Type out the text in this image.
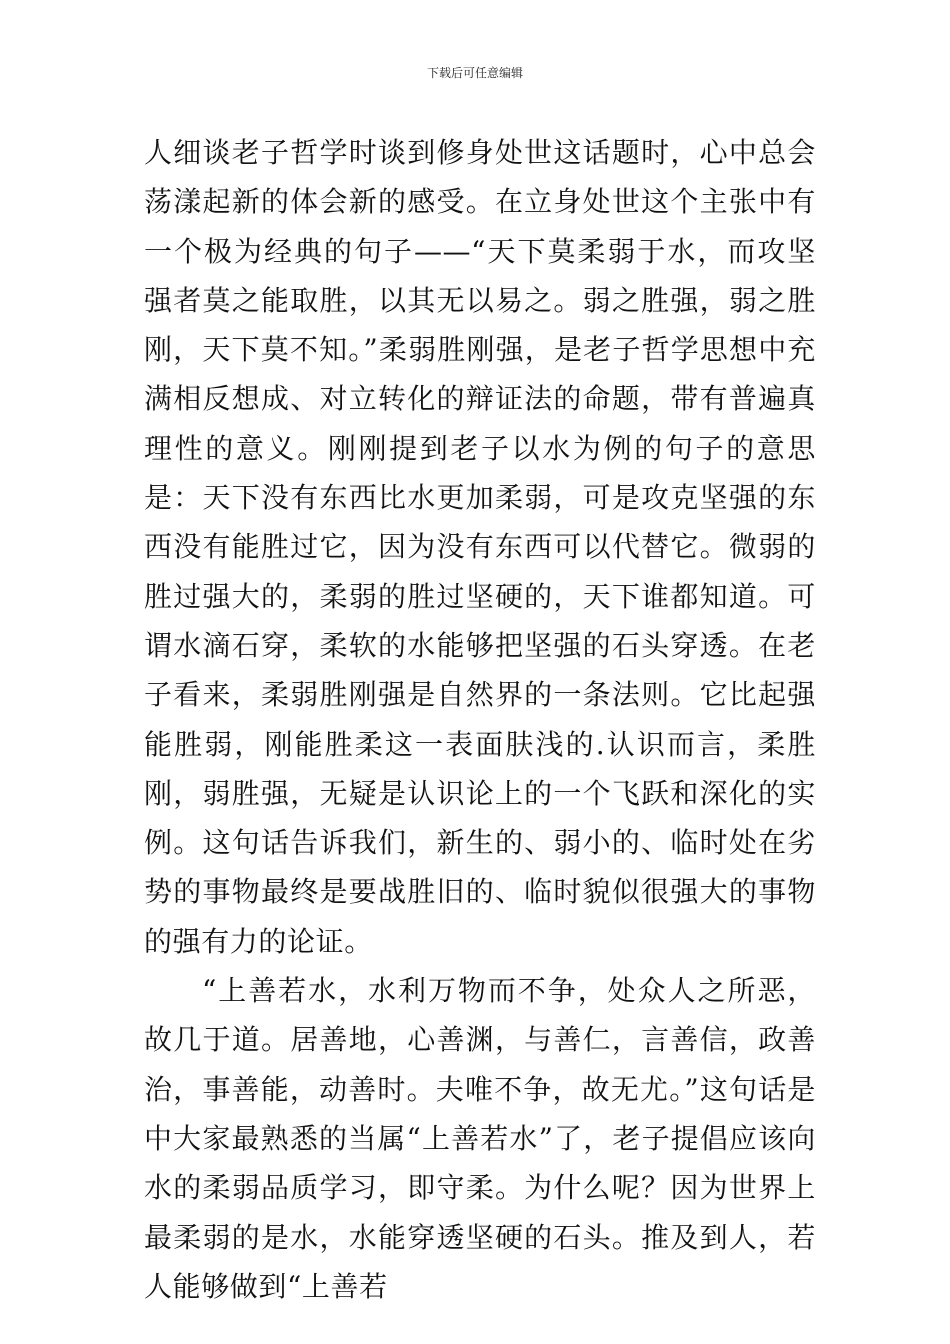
下载后可任意编辑

人细谈老子哲学时谈到修身处世这话题时，心中总会荡漾起新的体会新的感受。在立身处世这个主张中有一个极为经典的句子——“天下莫柔弱于水，而攻坚强者莫之能取胜，以其无以易之。弱之胜强，弱之胜刚，天下莫不知。”柔弱胜刚强，是老子哲学思想中充满相反想成、对立转化的辩证法的命题，带有普遍真理性的意义。刚刚提到老子以水为例的句子的意思是：天下没有东西比水更加柔弱，可是攻克坚强的东西没有能胜过它，因为没有东西可以代替它。微弱的胜过强大的，柔弱的胜过坚硬的，天下谁都知道。可谓水滴石穿，柔软的水能够把坚强的石头穿透。在老子看来，柔弱胜刚强是自然界的一条法则。它比起强能胜弱，刚能胜柔这一表面肤浅的.认识而言，柔胜刚，弱胜强，无疑是认识论上的一个飞跃和深化的实例。这句话告诉我们，新生的、弱小的、临时处在劣势的事物最终是要战胜旧的、临时貌似很强大的事物的强有力的论证。

“上善若水，水利万物而不争，处众人之所恶，故几于道。居善地，心善渊，与善仁，言善信，政善治，事善能，动善时。夫唯不争，故无尤。”这句话是中大家最熟悉的当属“上善若水”了，老子提倡应该向水的柔弱品质学习，即守柔。为什么呢？因为世界上最柔弱的是水，水能穿透坚硬的石头。推及到人，若人能够做到“上善若
